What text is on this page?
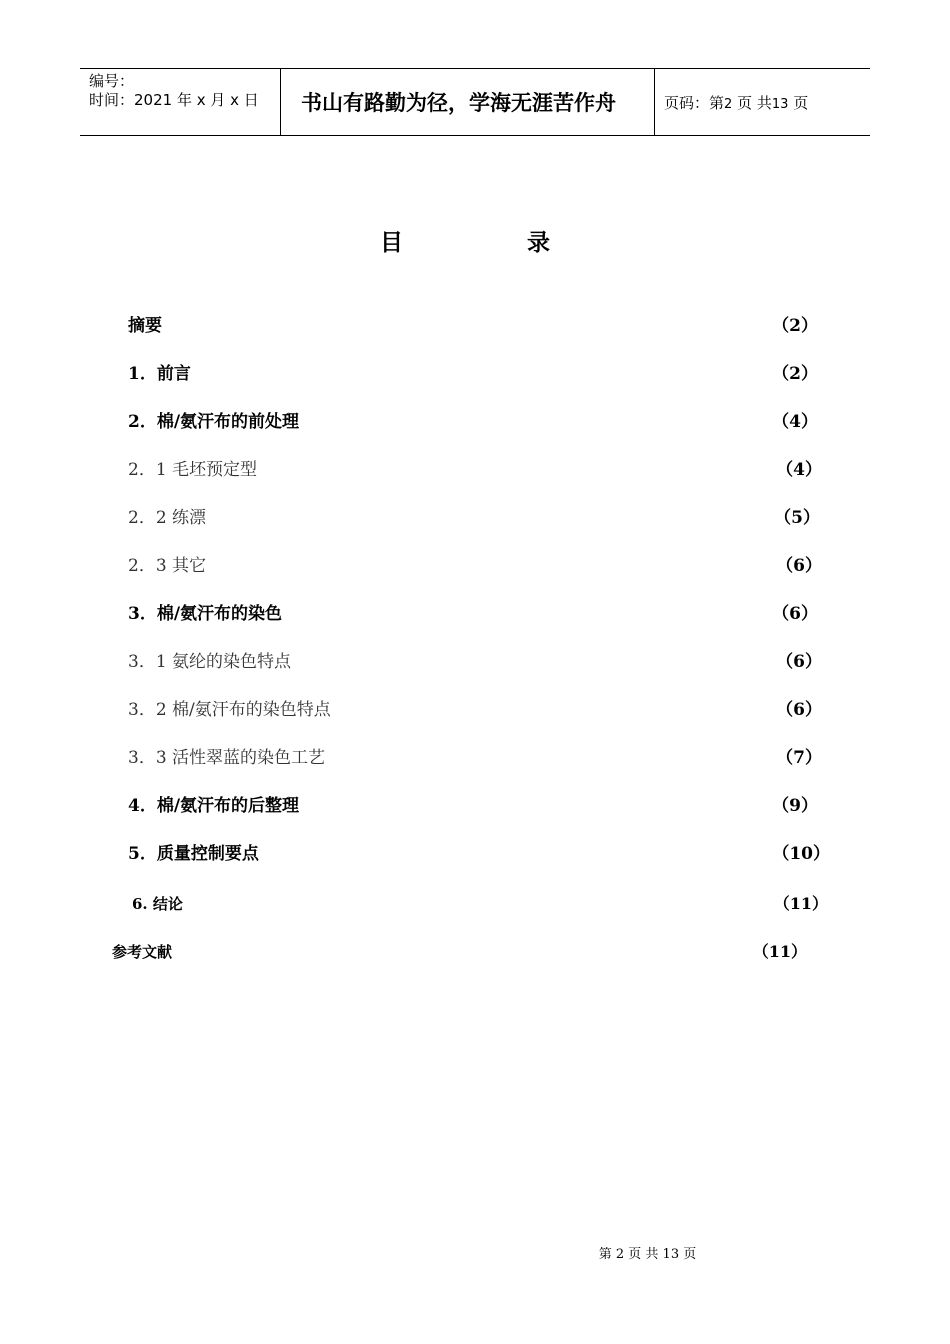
编号：
时间：2021 年 x 月 x 日 书山有路勤为径，学海无涯苦作舟	页码：第2 页 共13 页
目	录
摘要	（2）
1．前言	（2）
2．棉/氨汗布的前处理	（4）
2．1 毛坯预定型	（4）
2．2 练漂	（5）
2．3 其它	（6）
3．棉/氨汗布的染色	（6）
3．1 氨纶的染色特点	（6）
3．2 棉/氨汗布的染色特点	（6）
3．3 活性翠蓝的染色工艺	（7）
4．棉/氨汗布的后整理	（9）
5．质量控制要点	（10）
6. 结论	（11）
参考文献	（11）
第 2 页 共 13 页
